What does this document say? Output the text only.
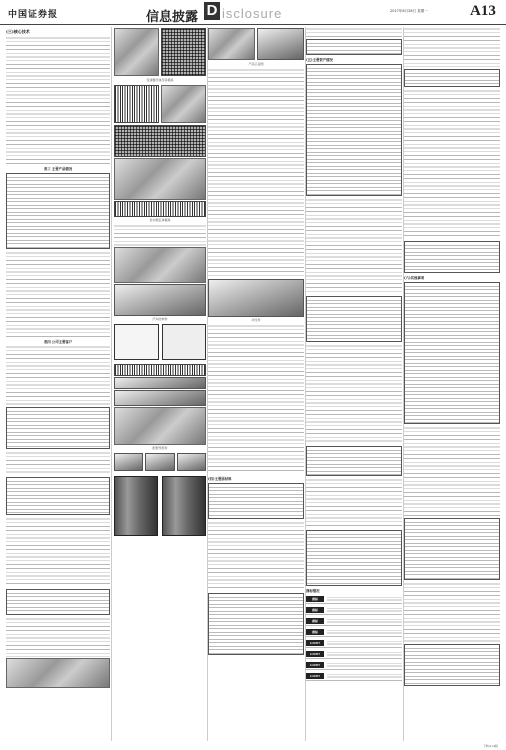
中国证券报	信息披露 D isclosure	2017年6月28日 星期一	A13
(三)核心技术
表三 主要产品情况
表四 公司主要客户
变速器壳体压铸模具
发动机缸体模具
汽车结构件
配套零部件
产品示意图
冲压件
(四)主要原材料
(五)主要资产情况
商标情况
商标
商标
商标
商标
LUCKY
LUCKY
LUCKY
LUCKY
(六)其他事项
下转A14版
